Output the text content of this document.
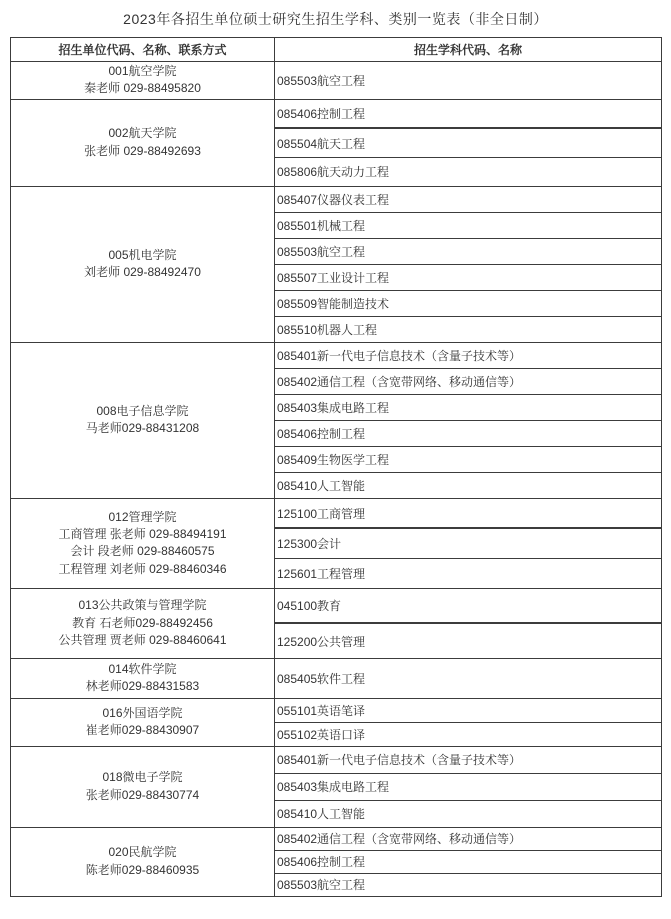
2023年各招生单位硕士研究生招生学科、类别一览表（非全日制）
招生单位代码、名称、联系方式	招生学科代码、名称

001航空学院
秦老师 029-88495820	085503航空工程

002航天学院
张老师 029-88492693	085406控制工程
	085504航天工程
	085806航天动力工程

005机电学院
刘老师 029-88492470	085407仪器仪表工程
	085501机械工程
	085503航空工程
	085507工业设计工程
	085509智能制造技术
	085510机器人工程

008电子信息学院
马老师029-88431208	085401新一代电子信息技术（含量子技术等）
	085402通信工程（含宽带网络、移动通信等）
	085403集成电路工程
	085406控制工程
	085409生物医学工程
	085410人工智能

012管理学院
工商管理 张老师 029-88494191
会计 段老师 029-88460575
工程管理 刘老师 029-88460346	125100工商管理
	125300会计
	125601工程管理

013公共政策与管理学院
教育 石老师029-88492456
公共管理 贾老师 029-88460641	045100教育
	125200公共管理

014软件学院
林老师029-88431583	085405软件工程

016外国语学院
崔老师029-88430907	055101英语笔译
	055102英语口译

018微电子学院
张老师029-88430774	085401新一代电子信息技术（含量子技术等）
	085403集成电路工程
	085410人工智能

020民航学院
陈老师029-88460935	085402通信工程（含宽带网络、移动通信等）
	085406控制工程
	085503航空工程
